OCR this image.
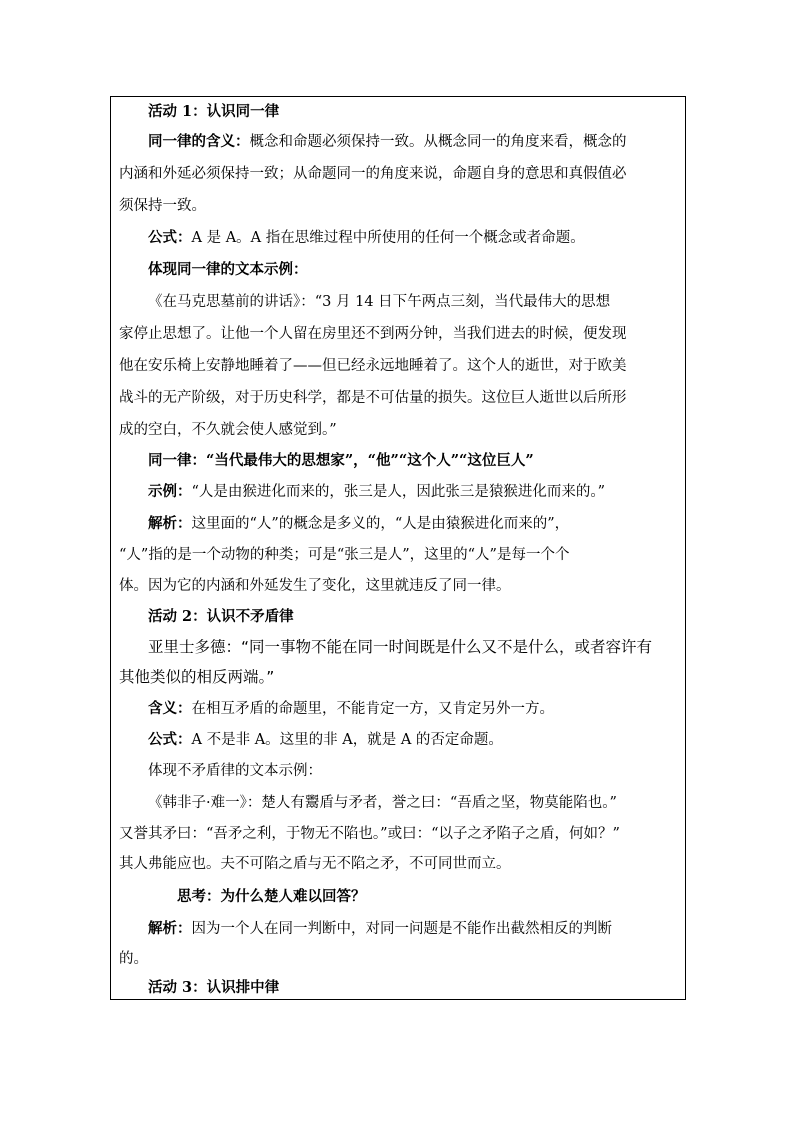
活动 1：认识同一律
同一律的含义：概念和命题必须保持一致。从概念同一的角度来看，概念的
内涵和外延必须保持一致；从命题同一的角度来说，命题自身的意思和真假值必
须保持一致。
公式：A 是 A。A 指在思维过程中所使用的任何一个概念或者命题。
体现同一律的文本示例：
《在马克思墓前的讲话》：“3 月 14 日下午两点三刻，当代最伟大的思想
家停止思想了。让他一个人留在房里还不到两分钟，当我们进去的时候，便发现
他在安乐椅上安静地睡着了——但已经永远地睡着了。这个人的逝世，对于欧美
战斗的无产阶级，对于历史科学，都是不可估量的损失。这位巨人逝世以后所形
成的空白，不久就会使人感觉到。”
同一律：“当代最伟大的思想家”，“他”“这个人”“这位巨人”
示例：“人是由猴进化而来的，张三是人，因此张三是猿猴进化而来的。”
解析：这里面的“人”的概念是多义的，“人是由猿猴进化而来的”，
“人”指的是一个动物的种类；可是“张三是人”，这里的“人”是每一个个
体。因为它的内涵和外延发生了变化，这里就违反了同一律。
活动 2：认识不矛盾律
亚里士多德：“同一事物不能在同一时间既是什么又不是什么，或者容许有
其他类似的相反两端。”
含义：在相互矛盾的命题里，不能肯定一方，又肯定另外一方。
公式：A 不是非 A。这里的非 A，就是 A 的否定命题。
体现不矛盾律的文本示例：
《韩非子·难一》：楚人有鬻盾与矛者，誉之曰：“吾盾之坚，物莫能陷也。”
又誉其矛曰：“吾矛之利，于物无不陷也。”或曰：“以子之矛陷子之盾，何如？”
其人弗能应也。夫不可陷之盾与无不陷之矛，不可同世而立。
思考：为什么楚人难以回答？
解析：因为一个人在同一判断中，对同一问题是不能作出截然相反的判断
的。
活动 3：认识排中律
